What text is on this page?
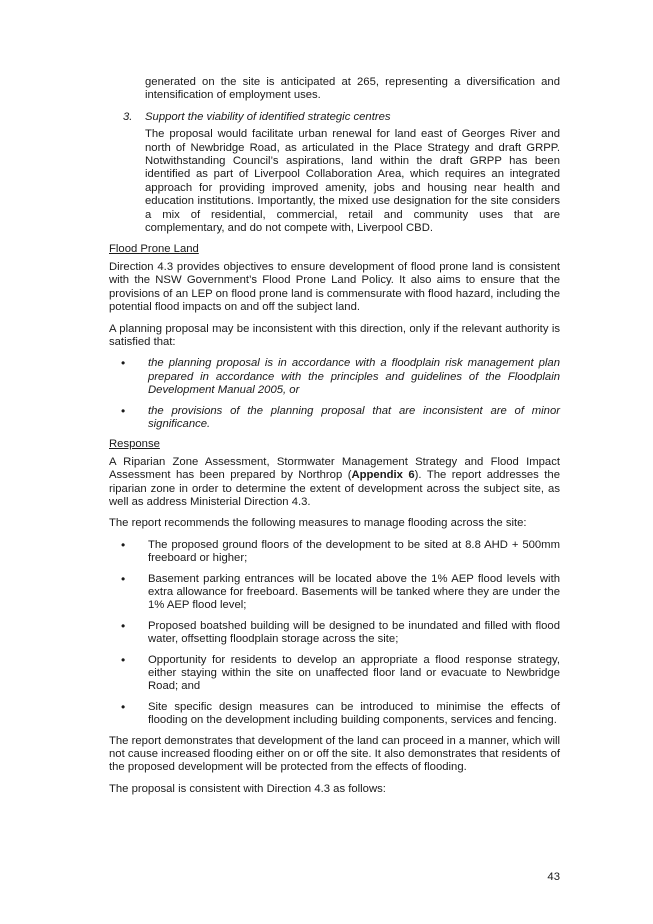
generated on the site is anticipated at 265, representing a diversification and intensification of employment uses.

3.	Support the viability of identified strategic centres

The proposal would facilitate urban renewal for land east of Georges River and north of Newbridge Road, as articulated in the Place Strategy and draft GRPP. Notwithstanding Council’s aspirations, land within the draft GRPP has been identified as part of Liverpool Collaboration Area, which requires an integrated approach for providing improved amenity, jobs and housing near health and education institutions. Importantly, the mixed use designation for the site considers a mix of residential, commercial, retail and community uses that are complementary, and do not compete with, Liverpool CBD.

Flood Prone Land

Direction 4.3 provides objectives to ensure development of flood prone land is consistent with the NSW Government’s Flood Prone Land Policy. It also aims to ensure that the provisions of an LEP on flood prone land is commensurate with flood hazard, including the potential flood impacts on and off the subject land.

A planning proposal may be inconsistent with this direction, only if the relevant authority is satisfied that:

•	the planning proposal is in accordance with a floodplain risk management plan prepared in accordance with the principles and guidelines of the Floodplain Development Manual 2005, or
•	the provisions of the planning proposal that are inconsistent are of minor significance.

Response

A Riparian Zone Assessment, Stormwater Management Strategy and Flood Impact Assessment has been prepared by Northrop (Appendix 6). The report addresses the riparian zone in order to determine the extent of development across the subject site, as well as address Ministerial Direction 4.3.

The report recommends the following measures to manage flooding across the site:

•	The proposed ground floors of the development to be sited at 8.8 AHD + 500mm freeboard or higher;
•	Basement parking entrances will be located above the 1% AEP flood levels with extra allowance for freeboard. Basements will be tanked where they are under the 1% AEP flood level;
•	Proposed boatshed building will be designed to be inundated and filled with flood water, offsetting floodplain storage across the site;
•	Opportunity for residents to develop an appropriate a flood response strategy, either staying within the site on unaffected floor land or evacuate to Newbridge Road; and
•	Site specific design measures can be introduced to minimise the effects of flooding on the development including building components, services and fencing.

The report demonstrates that development of the land can proceed in a manner, which will not cause increased flooding either on or off the site. It also demonstrates that residents of the proposed development will be protected from the effects of flooding.

The proposal is consistent with Direction 4.3 as follows:

43
